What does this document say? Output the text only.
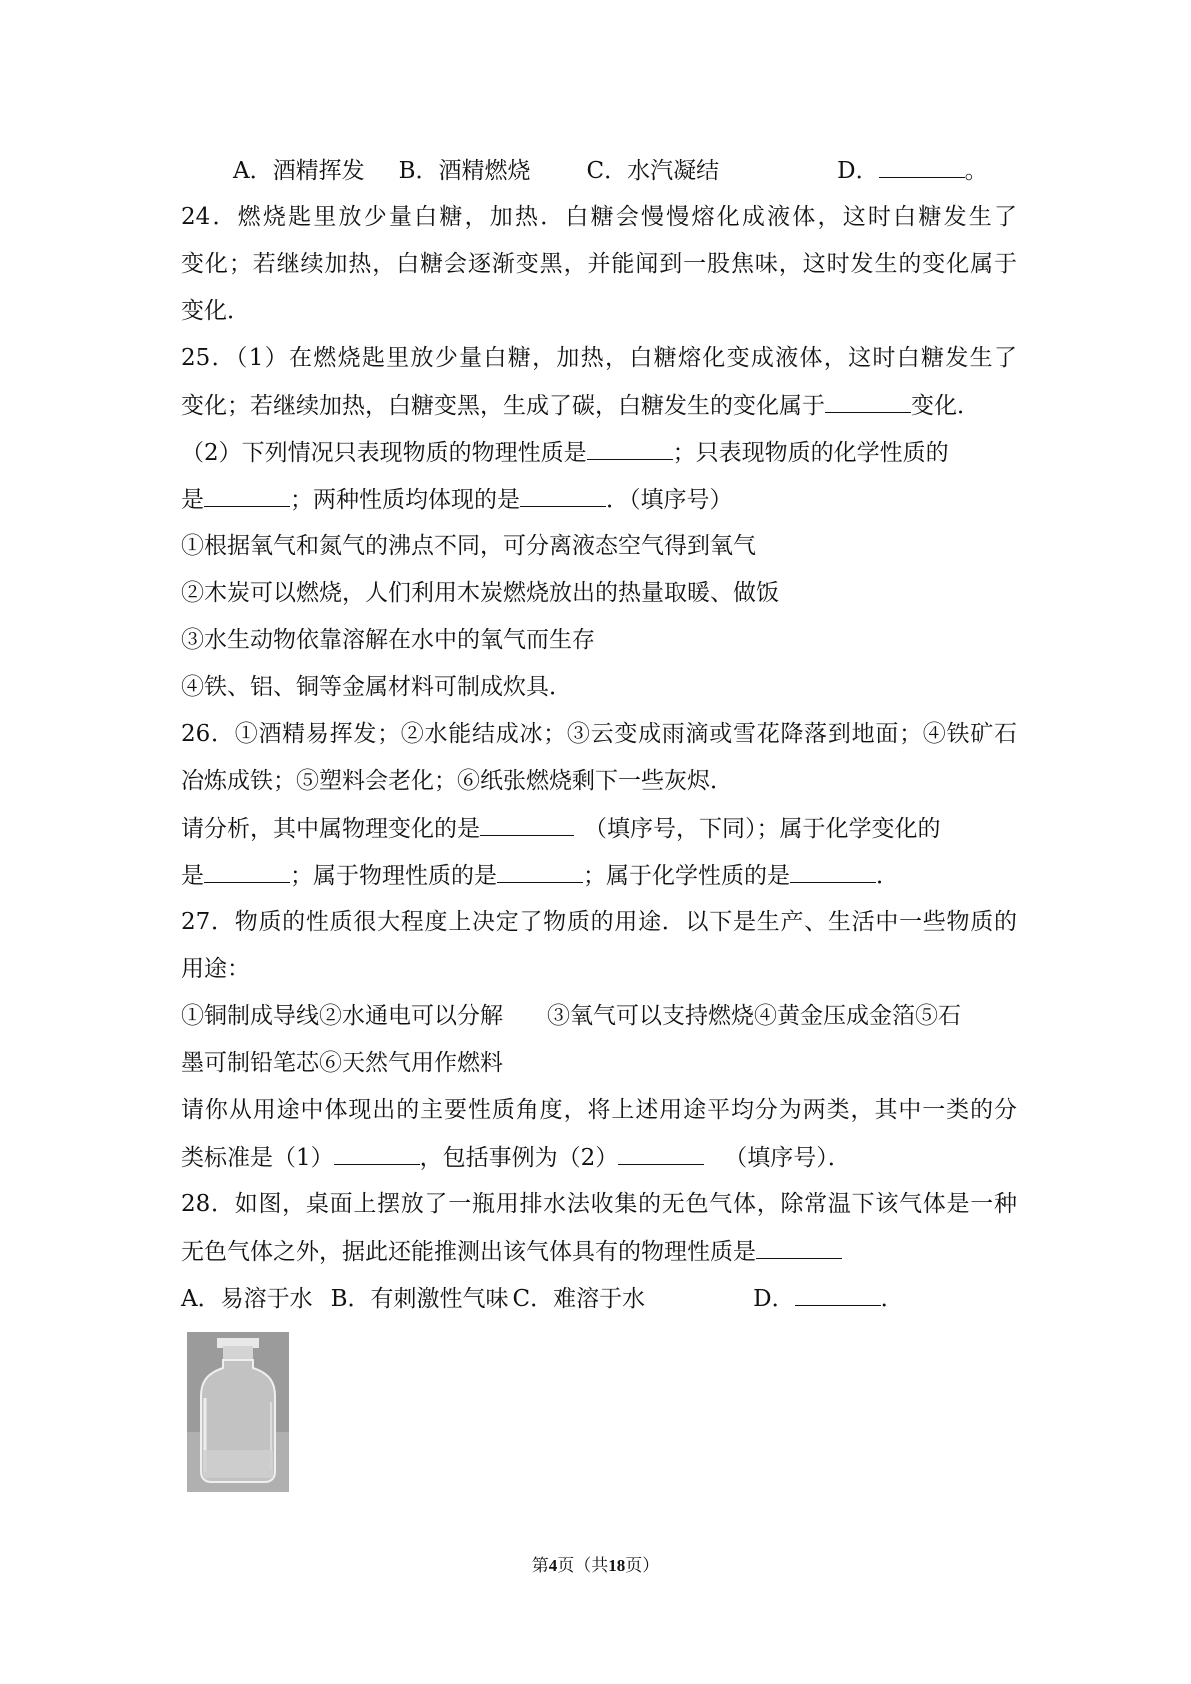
A．酒精挥发 B．酒精燃烧 C．水汽凝结	D．	。
24．燃烧匙里放少量白糖，加热．白糖会慢慢熔化成液体，这时白糖发生了
变化；若继续加热，白糖会逐渐变黑，并能闻到一股焦味，这时发生的变化属于
变化．
25．（1）在燃烧匙里放少量白糖，加热，白糖熔化变成液体，这时白糖发生了
变化；若继续加热，白糖变黑，生成了碳，白糖发生的变化属于	变化．
（2）下列情况只表现物质的物理性质是	；只表现物质的化学性质的
是	；两种性质均体现的是	．（填序号）
①根据氧气和氮气的沸点不同，可分离液态空气得到氧气
②木炭可以燃烧，人们利用木炭燃烧放出的热量取暖、做饭
③水生动物依靠溶解在水中的氧气而生存
④铁、铝、铜等金属材料可制成炊具．
26．①酒精易挥发；②水能结成冰；③云变成雨滴或雪花降落到地面；④铁矿石
冶炼成铁；⑤塑料会老化；⑥纸张燃烧剩下一些灰烬．
请分析，其中属物理变化的是	（填序号，下同）；属于化学变化的
是	；属于物理性质的是	；属于化学性质的是	．
27．物质的性质很大程度上决定了物质的用途．以下是生产、生活中一些物质的
用途：
①铜制成导线②水通电可以分解 ③氧气可以支持燃烧④黄金压成金箔⑤石
墨可制铅笔芯⑥天然气用作燃料
请你从用途中体现出的主要性质角度，将上述用途平均分为两类，其中一类的分
类标准是（1）	，包括事例为（2）	（填序号）．
28．如图，桌面上摆放了一瓶用排水法收集的无色气体，除常温下该气体是一种
无色气体之外，据此还能推测出该气体具有的物理性质是
A．易溶于水 B．有刺激性气味 C．难溶于水	D．	．
第4页（共18页）
